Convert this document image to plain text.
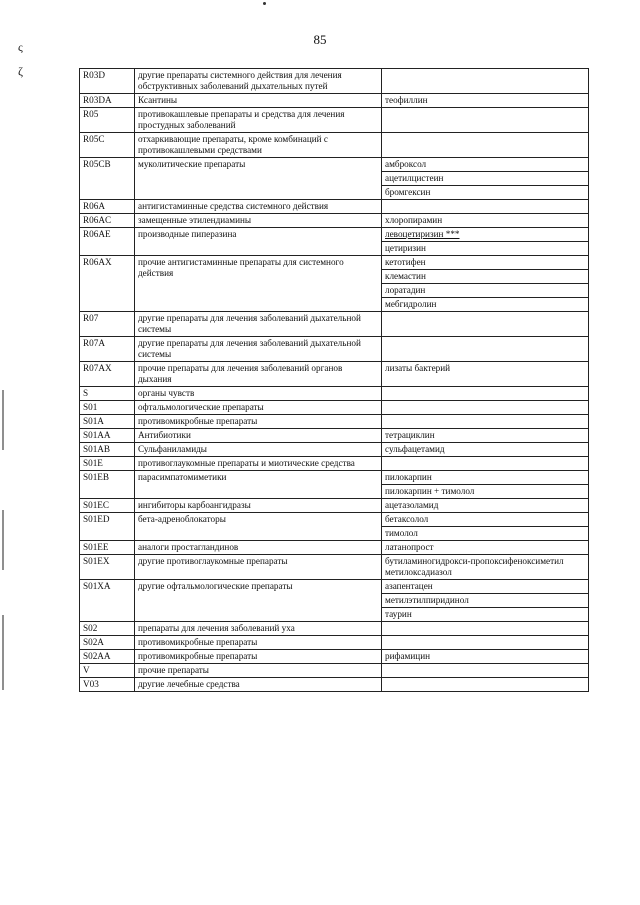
ς
ζ
85
R03D	другие препараты системного действия для лечения обструктивных заболеваний дыхательных путей	
R03DA	Ксантины	теофиллин
R05	противокашлевые препараты и средства для лечения простудных заболеваний	
R05C	отхаркивающие препараты, кроме комбинаций с противокашлевыми средствами	
R05CB	муколитические препараты	амброксол
		ацетилцистеин
		бромгексин
R06A	антигистаминные средства системного действия	
R06AC	замещенные этилендиамины	хлоропирамин
R06AE	производные пиперазина	левоцетиризин ***
		цетиризин
R06AX	прочие антигистаминные препараты для системного действия	кетотифен
		клемастин
		лоратадин
		мебгидролин
R07	другие препараты для лечения заболеваний дыхательной системы	
R07A	другие препараты для лечения заболеваний дыхательной системы	
R07AX	прочие препараты для лечения заболеваний органов дыхания	лизаты бактерий
S	органы чувств	
S01	офтальмологические препараты	
S01A	противомикробные препараты	
S01AA	Антибиотики	тетрациклин
S01AB	Сульфаниламиды	сульфацетамид
S01E	противоглаукомные препараты и миотические средства	
S01EB	парасимпатомиметики	пилокарпин
		пилокарпин + тимолол
S01EC	ингибиторы карбоангидразы	ацетазоламид
S01ED	бета-адреноблокаторы	бетаксолол
		тимолол
S01EE	аналоги простагландинов	латанопрост
S01EX	другие противоглаукомные препараты	бутиламиногидрокси-пропоксифеноксиметил метилоксадиазол
S01XA	другие офтальмологические препараты	азапентацен
		метилэтилпиридинол
		таурин
S02	препараты для лечения заболеваний уха	
S02A	противомикробные препараты	
S02AA	противомикробные препараты	рифамицин
V	прочие препараты	
V03	другие лечебные средства	
